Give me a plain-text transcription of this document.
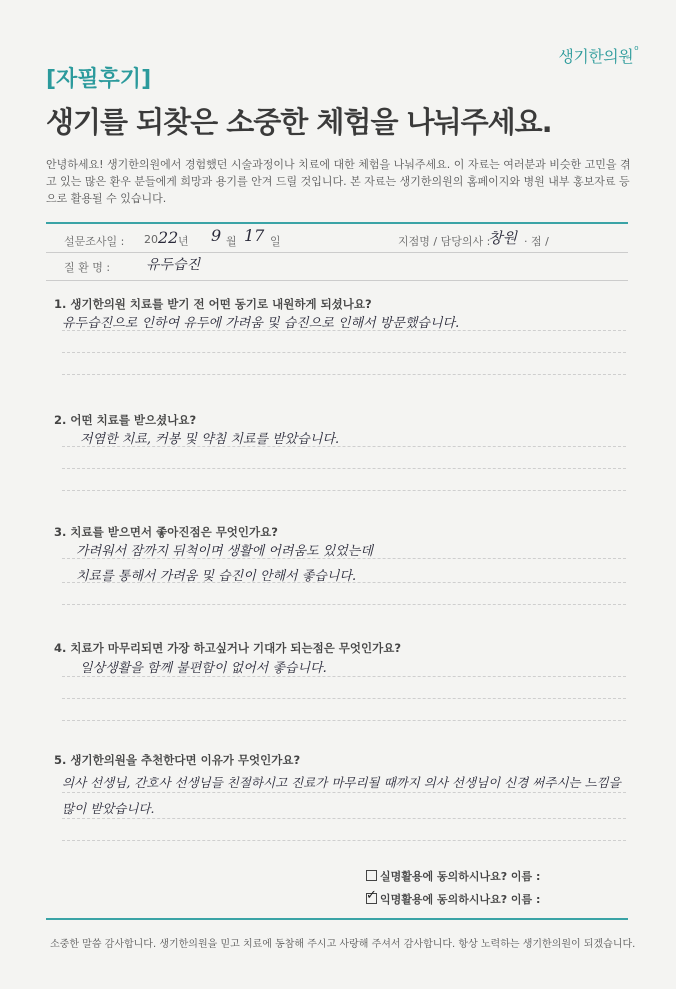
생기한의원$^o$
[자필후기]
생기를 되찾은 소중한 체험을 나눠주세요.
안녕하세요! 생기한의원에서 경험했던 시술과정이나 치료에 대한 체험을 나눠주세요. 이 자료는 여러분과 비슷한 고민을 겪고 있는 많은 환우 분들에게 희망과 용기를 안겨 드릴 것입니다. 본 자료는 생기한의원의 홈페이지와 병원 내부 홍보자료 등으로 활용될 수 있습니다.
설문조사일 : 20 22 년 9 월 17 일	지점명 / 담당의사 :
창원 · 점 /
질 환 명 :	유두습진
1. 생기한의원 치료를 받기 전 어떤 동기로 내원하게 되셨나요?
유두습진으로 인하여 유두에 가려움 및 습진으로 인해서 방문했습니다.
2. 어떤 치료를 받으셨나요?
저염한 치료, 커봉 및 약침 치료를 받았습니다.
3. 치료를 받으면서 좋아진점은 무엇인가요?
가려워서 잠까지 뒤척이며 생활에 어려움도 있었는데
치료를 통해서 가려움 및 습진이 안해서 좋습니다.
4. 치료가 마무리되면 가장 하고싶거나 기대가 되는점은 무엇인가요?
일상생활을 함께 불편함이 없어서 좋습니다.
5. 생기한의원을 추천한다면 이유가 무엇인가요?
의사 선생님, 간호사 선생님들 친절하시고 진료가 마무리될 때까지 의사 선생님이 신경 써주시는 느낌을 많이 받았습니다.
실명활용에 동의하시나요? 이름 :
✓익명활용에 동의하시나요? 이름 :
소중한 말씀 감사합니다. 생기한의원을 믿고 치료에 동참해 주시고 사랑해 주셔서 감사합니다. 항상 노력하는 생기한의원이 되겠습니다.
